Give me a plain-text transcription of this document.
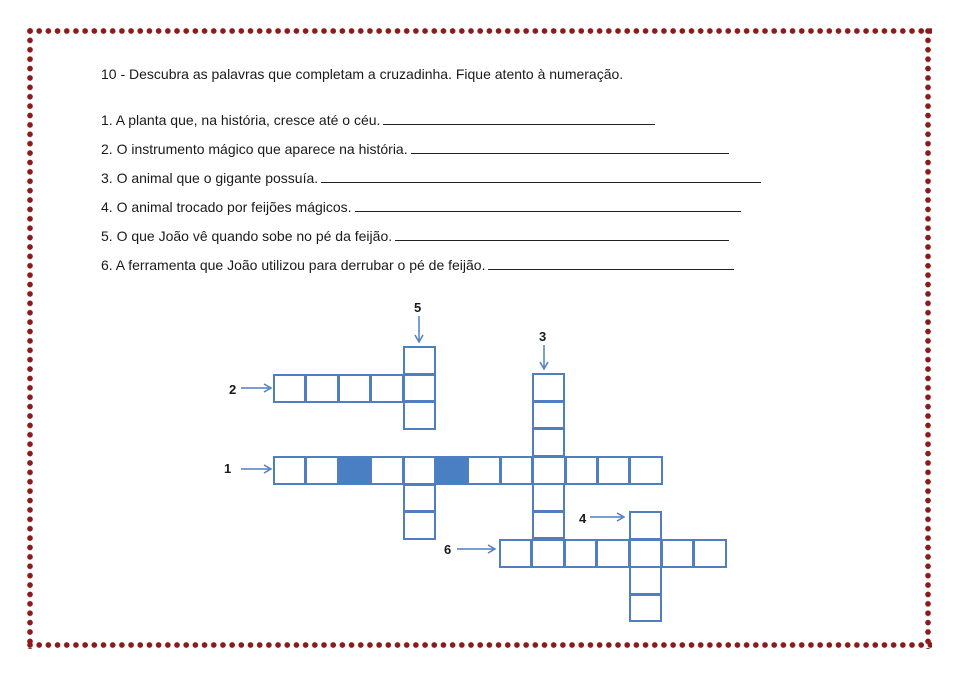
10 - Descubra as palavras que completam a cruzadinha. Fique atento à numeração.
1. A planta que, na história, cresce até o céu.
2. O instrumento mágico que aparece na história.
3. O animal que o gigante possuía.
4. O animal trocado por feijões mágicos.
5. O que João vê quando sobe no pé da feijão.
6. A ferramenta que João utilizou para derrubar o pé de feijão.
5
3
2
1
4
6
